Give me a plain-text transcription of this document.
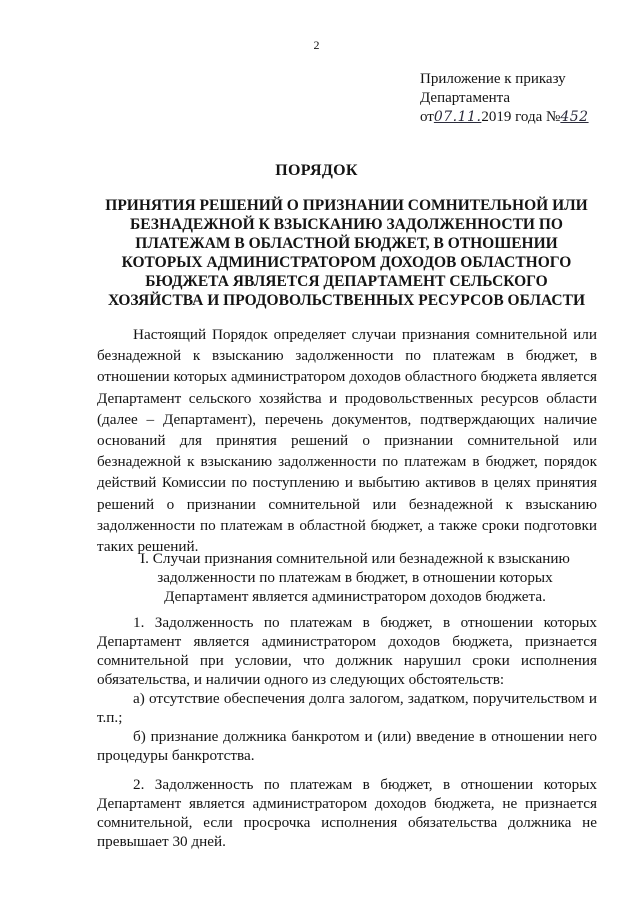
2
Приложение к приказу
Департамента
от07.11.2019 года №452
ПОРЯДОК
ПРИНЯТИЯ РЕШЕНИЙ О ПРИЗНАНИИ СОМНИТЕЛЬНОЙ ИЛИ БЕЗНАДЕЖНОЙ К ВЗЫСКАНИЮ ЗАДОЛЖЕННОСТИ ПО ПЛАТЕЖАМ В ОБЛАСТНОЙ БЮДЖЕТ, В ОТНОШЕНИИ КОТОРЫХ АДМИНИСТРАТОРОМ ДОХОДОВ ОБЛАСТНОГО БЮДЖЕТА ЯВЛЯЕТСЯ ДЕПАРТАМЕНТ СЕЛЬСКОГО ХОЗЯЙСТВА И ПРОДОВОЛЬСТВЕННЫХ РЕСУРСОВ ОБЛАСТИ

Настоящий Порядок определяет случаи признания сомнительной или безнадежной к взысканию задолженности по платежам в бюджет, в отношении которых администратором доходов областного бюджета является Департамент сельского хозяйства и продовольственных ресурсов области (далее – Департамент), перечень документов, подтверждающих наличие оснований для принятия решений о признании сомнительной или безнадежной к взысканию задолженности по платежам в бюджет, порядок действий Комиссии по поступлению и выбытию активов в целях принятия решений о признании сомнительной или безнадежной к взысканию задолженности по платежам в областной бюджет, а также сроки подготовки таких решений.

I. Случаи признания сомнительной или безнадежной к взысканию задолженности по платежам в бюджет, в отношении которых Департамент является администратором доходов бюджета.

1. Задолженность по платежам в бюджет, в отношении которых Департамент является администратором доходов бюджета, признается сомнительной при условии, что должник нарушил сроки исполнения обязательства, и наличии одного из следующих обстоятельств:

а) отсутствие обеспечения долга залогом, задатком, поручительством и т.п.;

б) признание должника банкротом и (или) введение в отношении него процедуры банкротства.

2. Задолженность по платежам в бюджет, в отношении которых Департамент является администратором доходов бюджета, не признается сомнительной, если просрочка исполнения обязательства должника не превышает 30 дней.
